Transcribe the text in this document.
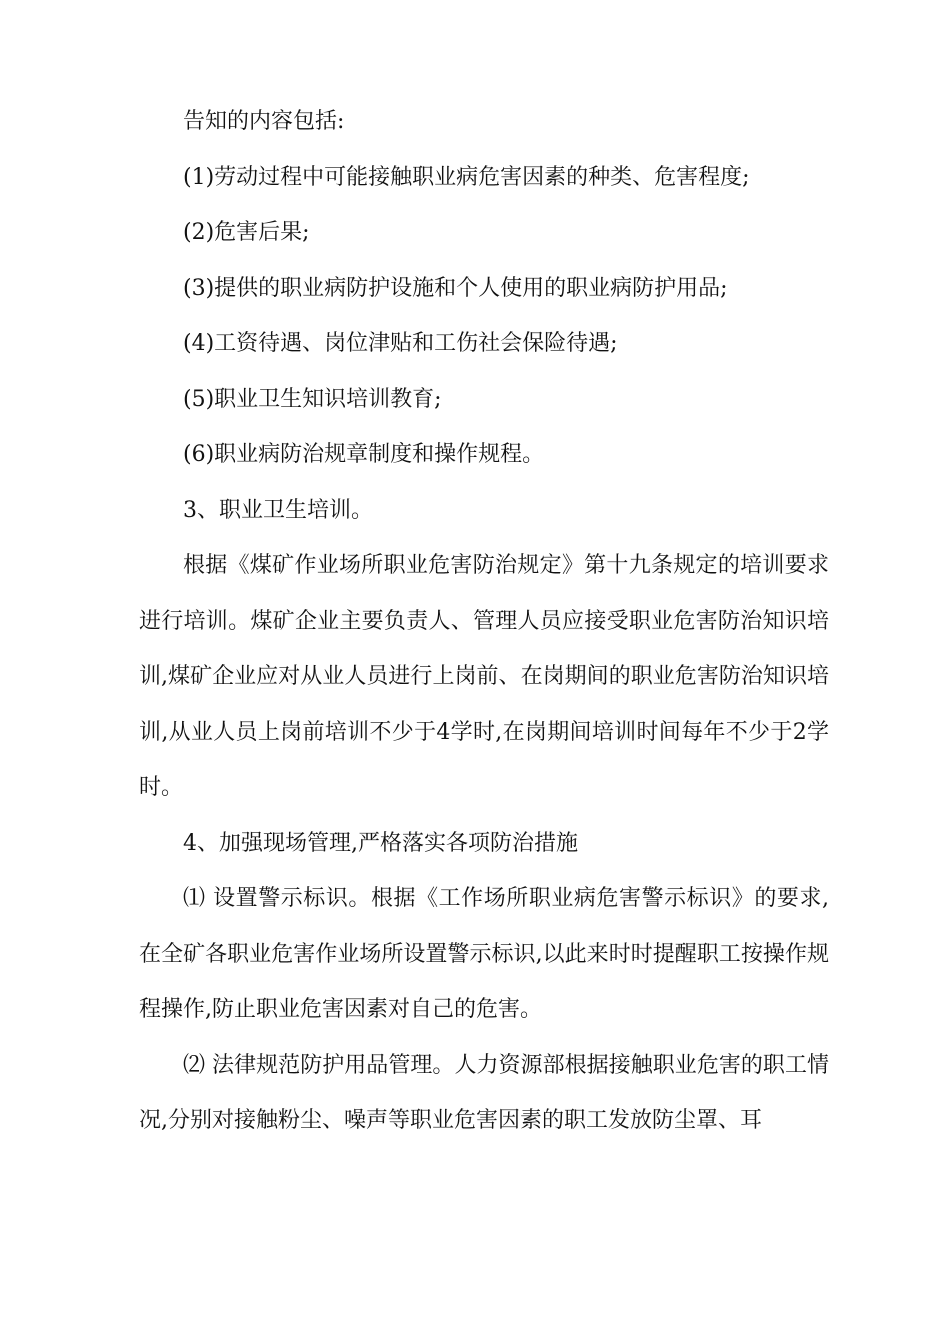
告知的内容包括:

(1)劳动过程中可能接触职业病危害因素的种类、危害程度;

(2)危害后果;

(3)提供的职业病防护设施和个人使用的职业病防护用品;

(4)工资待遇、岗位津贴和工伤社会保险待遇;

(5)职业卫生知识培训教育;

(6)职业病防治规章制度和操作规程。

3、职业卫生培训。

根据《煤矿作业场所职业危害防治规定》第十九条规定的培训要求进行培训。煤矿企业主要负责人、管理人员应接受职业危害防治知识培训,煤矿企业应对从业人员进行上岗前、在岗期间的职业危害防治知识培训,从业人员上岗前培训不少于4学时,在岗期间培训时间每年不少于2学时。

4、加强现场管理,严格落实各项防治措施

⑴ 设置警示标识。根据《工作场所职业病危害警示标识》的要求,在全矿各职业危害作业场所设置警示标识,以此来时时提醒职工按操作规程操作,防止职业危害因素对自己的危害。

⑵ 法律规范防护用品管理。人力资源部根据接触职业危害的职工情况,分别对接触粉尘、噪声等职业危害因素的职工发放防尘罩、耳
